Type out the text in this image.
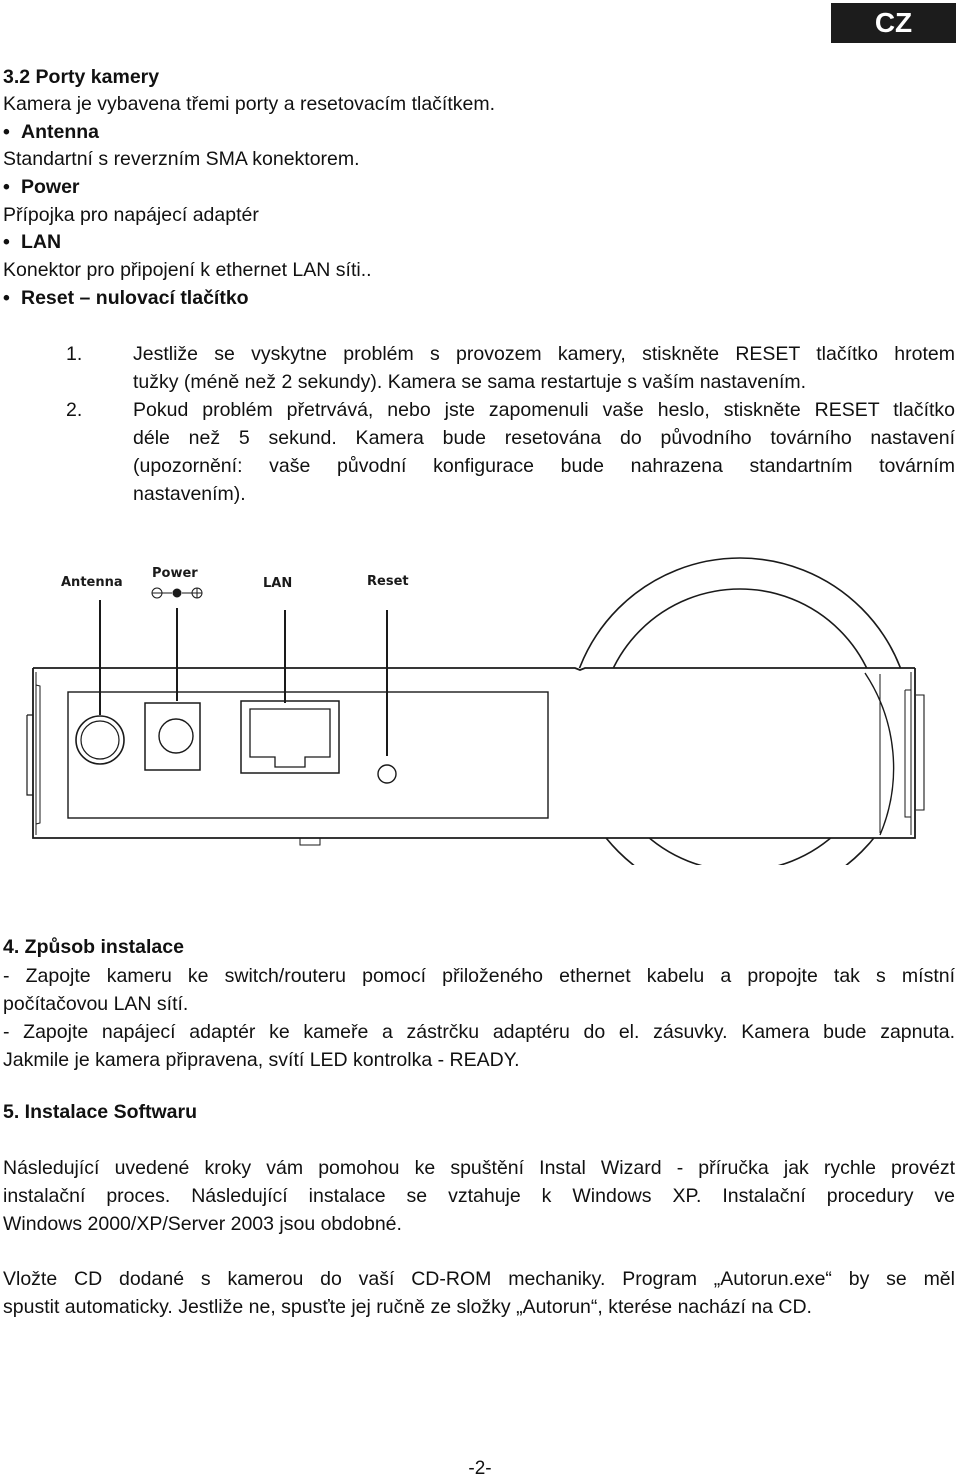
CZ
3.2 Porty kamery
Kamera je vybavena třemi porty a resetovacím tlačítkem.
• Antenna
Standartní s reverzním SMA konektorem.
• Power
Přípojka pro napájecí adaptér
• LAN
Konektor pro připojení k ethernet LAN síti..
• Reset – nulovací tlačítko
1.	Jestliže se vyskytne problém s provozem kamery, stiskněte RESET tlačítko hrotem
tužky (méně než 2 sekundy). Kamera se sama restartuje s vaším nastavením.
2.	Pokud problém přetrvává, nebo jste zapomenuli vaše heslo, stiskněte RESET tlačítko
déle než 5 sekund. Kamera bude resetována do původního továrního nastavení
(upozornění: vaše původní konfigurace bude nahrazena standartním továrním
nastavením).
Antenna
Power
LAN	Reset
4. Způsob instalace
- Zapojte kameru ke switch/routeru pomocí přiloženého ethernet kabelu a propojte tak s místní
počítačovou LAN sítí.
- Zapojte napájecí adaptér ke kameře a zástrčku adaptéru do el. zásuvky. Kamera bude zapnuta.
Jakmile je kamera připravena, svítí LED kontrolka - READY.
5. Instalace Softwaru
Následující uvedené kroky vám pomohou ke spuštění Instal Wizard - příručka jak rychle provézt
instalační proces. Následující instalace se vztahuje k Windows XP. Instalační procedury ve
Windows 2000/XP/Server 2003 jsou obdobné.
Vložte CD dodané s kamerou do vaší CD-ROM mechaniky. Program „Autorun.exe“ by se měl
spustit automaticky. Jestliže ne, spusťte jej ručně ze složky „Autorun“, kterése nachází na CD.
-2-
